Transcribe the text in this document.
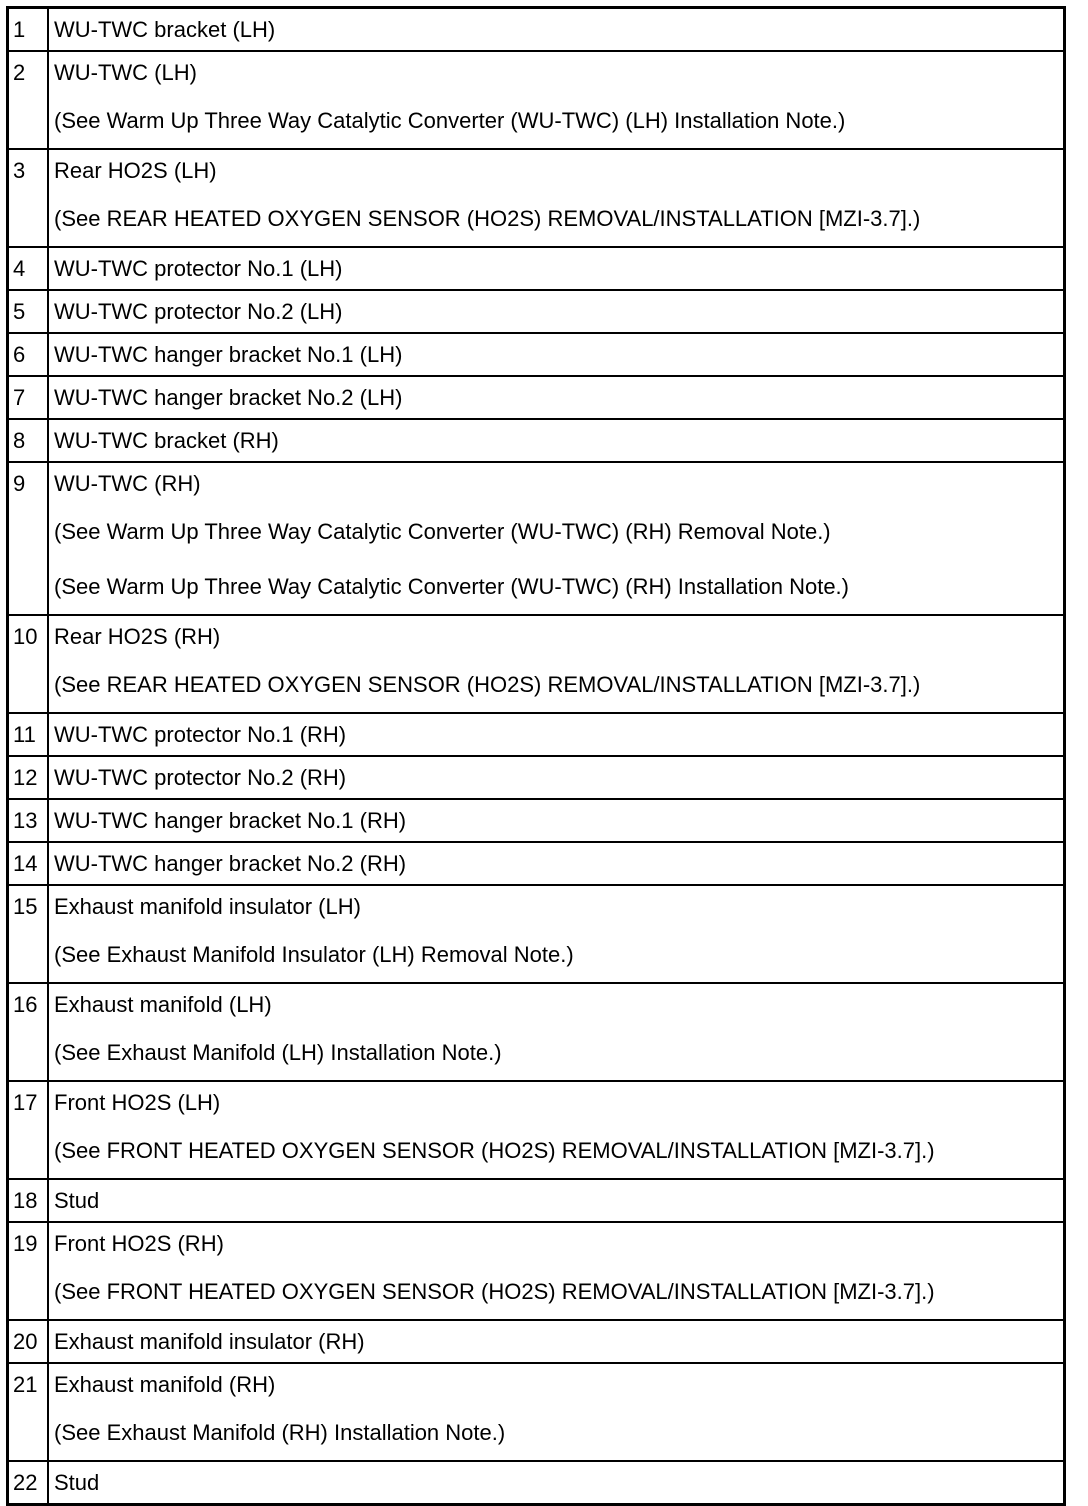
1	WU-TWC bracket (LH)

2	WU-TWC (LH)
(See Warm Up Three Way Catalytic Converter (WU-TWC) (LH) Installation Note.)

3	Rear HO2S (LH)
(See REAR HEATED OXYGEN SENSOR (HO2S) REMOVAL/INSTALLATION [MZI-3.7].)

4	WU-TWC protector No.1 (LH)

5	WU-TWC protector No.2 (LH)

6	WU-TWC hanger bracket No.1 (LH)

7	WU-TWC hanger bracket No.2 (LH)

8	WU-TWC bracket (RH)

9	WU-TWC (RH)
(See Warm Up Three Way Catalytic Converter (WU-TWC) (RH) Removal Note.)
(See Warm Up Three Way Catalytic Converter (WU-TWC) (RH) Installation Note.)

10	Rear HO2S (RH)
(See REAR HEATED OXYGEN SENSOR (HO2S) REMOVAL/INSTALLATION [MZI-3.7].)

11	WU-TWC protector No.1 (RH)

12	WU-TWC protector No.2 (RH)

13	WU-TWC hanger bracket No.1 (RH)

14	WU-TWC hanger bracket No.2 (RH)

15	Exhaust manifold insulator (LH)
(See Exhaust Manifold Insulator (LH) Removal Note.)

16	Exhaust manifold (LH)
(See Exhaust Manifold (LH) Installation Note.)

17	Front HO2S (LH)
(See FRONT HEATED OXYGEN SENSOR (HO2S) REMOVAL/INSTALLATION [MZI-3.7].)

18	Stud

19	Front HO2S (RH)
(See FRONT HEATED OXYGEN SENSOR (HO2S) REMOVAL/INSTALLATION [MZI-3.7].)

20	Exhaust manifold insulator (RH)

21	Exhaust manifold (RH)
(See Exhaust Manifold (RH) Installation Note.)

22	Stud
